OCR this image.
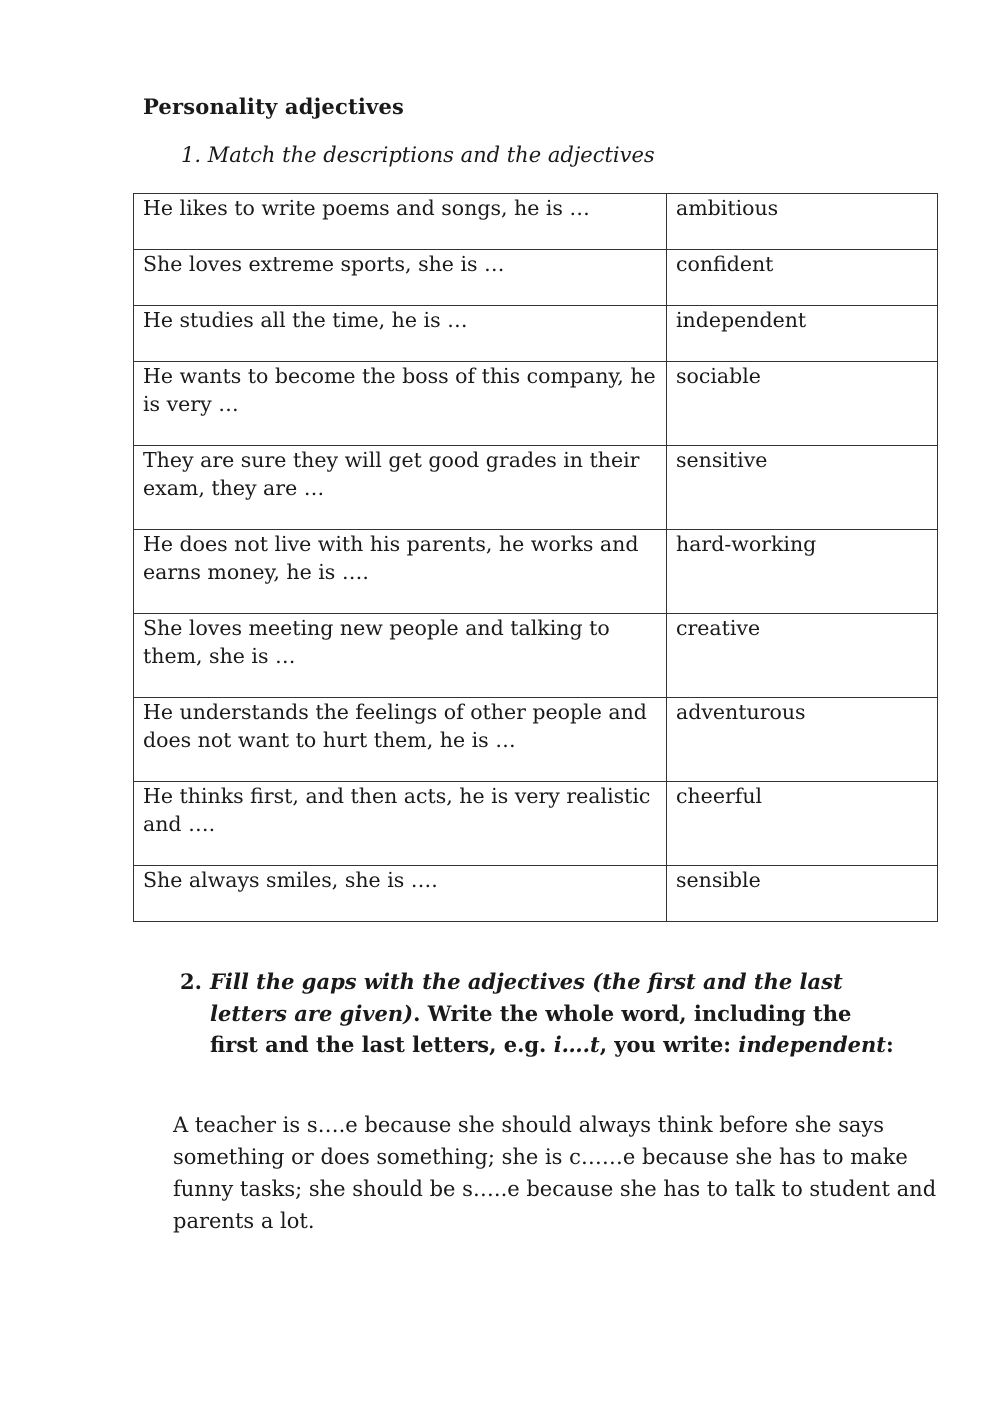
Personality adjectives
1. Match the descriptions and the adjectives
He likes to write poems and songs, he is …	ambitious
She loves extreme sports, she is …	confident
He studies all the time, he is …	independent
He wants to become the boss of this company, he is very …	sociable
They are sure they will get good grades in their exam, they are …	sensitive
He does not live with his parents, he works and earns money, he is ….	hard-working
She loves meeting new people and talking to them, she is …	creative
He understands the feelings of other people and does not want to hurt them, he is …	adventurous
He thinks first, and then acts, he is very realistic and ….	cheerful
She always smiles, she is ….	sensible
2. Fill the gaps with the adjectives (the first and the last letters are given). Write the whole word, including the first and the last letters, e.g. i….t, you write: independent:
A teacher is s….e because she should always think before she says something or does something; she is c……e because she has to make funny tasks; she should be s…..e because she has to talk to student and parents a lot.
